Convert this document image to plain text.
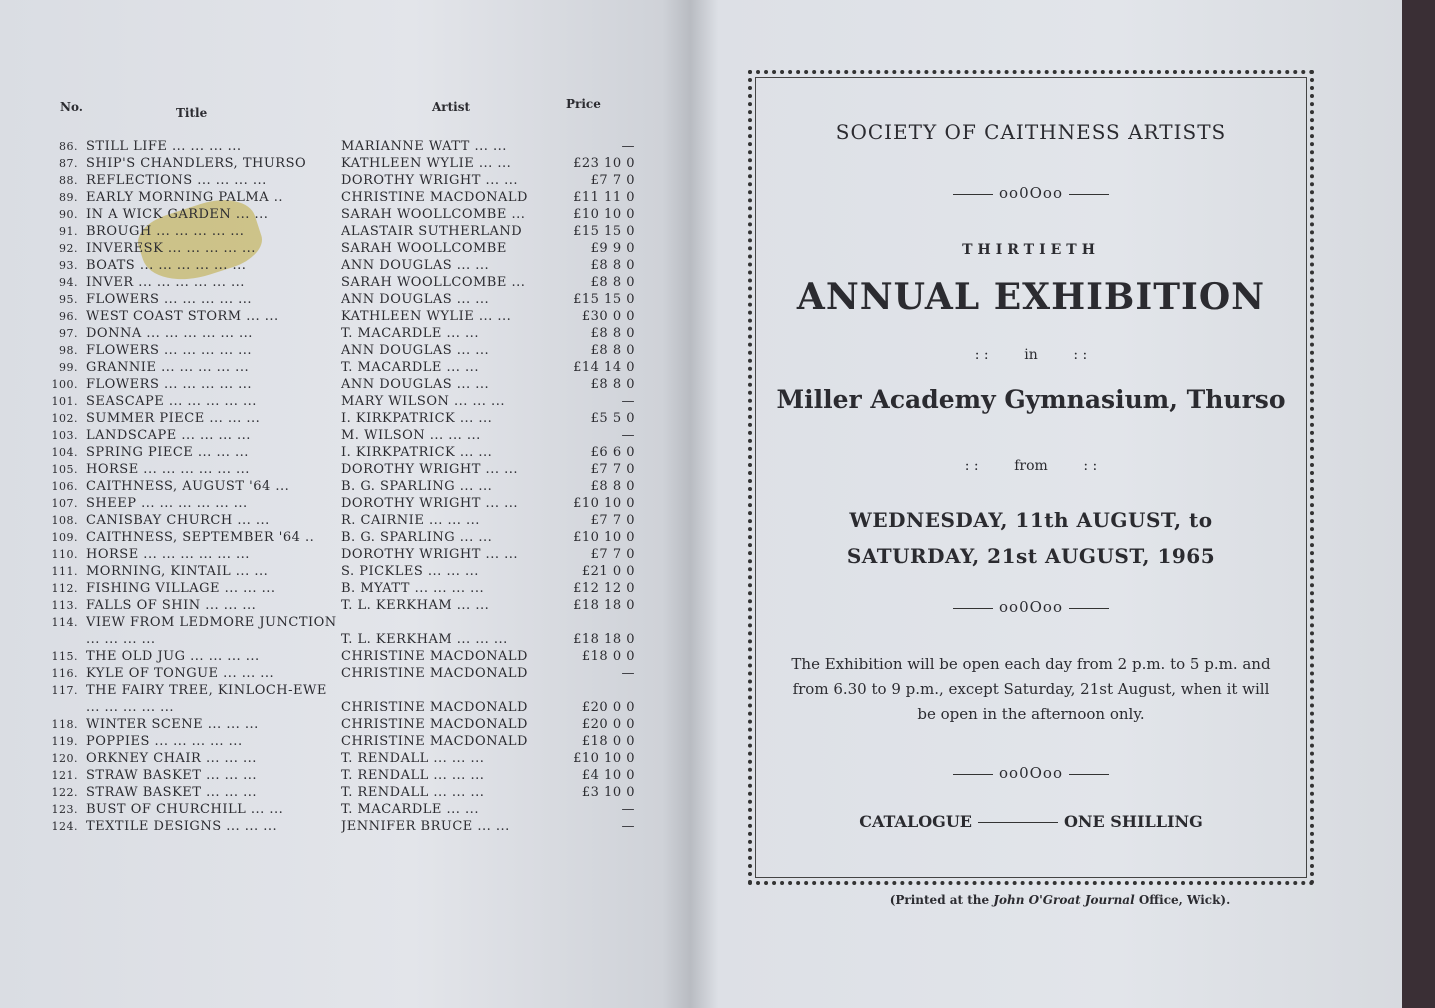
No.	Title	Artist	Price
86. STILL LIFE ... ... ... ...	MARIANNE WATT ... ...	—
87. SHIP'S CHANDLERS, THURSO	KATHLEEN WYLIE ... ...	£23 10 0
88. REFLECTIONS ... ... ... ...	DOROTHY WRIGHT ... ...	£7 7 0
89. EARLY MORNING PALMA ..	CHRISTINE MACDONALD	£11 11 0
90. IN A WICK GARDEN ... ...	SARAH WOOLLCOMBE ...	£10 10 0
91. BROUGH ... ... ... ... ...	ALASTAIR SUTHERLAND	£15 15 0
92. INVERESK ... ... ... ... ...	SARAH WOOLLCOMBE	£9 9 0
93. BOATS ... ... ... ... ... ...	ANN DOUGLAS ... ...	£8 8 0
94. INVER ... ... ... ... ... ...	SARAH WOOLLCOMBE ...	£8 8 0
95. FLOWERS ... ... ... ... ...	ANN DOUGLAS ... ...	£15 15 0
96. WEST COAST STORM ... ...	KATHLEEN WYLIE ... ...	£30 0 0
97. DONNA ... ... ... ... ... ...	T. MACARDLE ... ...	£8 8 0
98. FLOWERS ... ... ... ... ...	ANN DOUGLAS ... ...	£8 8 0
99. GRANNIE ... ... ... ... ...	T. MACARDLE ... ...	£14 14 0
100. FLOWERS ... ... ... ... ...	ANN DOUGLAS ... ...	£8 8 0
101. SEASCAPE ... ... ... ... ...	MARY WILSON ... ... ...	—
102. SUMMER PIECE ... ... ...	I. KIRKPATRICK ... ...	£5 5 0
103. LANDSCAPE ... ... ... ...	M. WILSON ... ... ...	—
104. SPRING PIECE ... ... ...	I. KIRKPATRICK ... ...	£6 6 0
105. HORSE ... ... ... ... ... ...	DOROTHY WRIGHT ... ...	£7 7 0
106. CAITHNESS, AUGUST '64 ...	B. G. SPARLING ... ...	£8 8 0
107. SHEEP ... ... ... ... ... ...	DOROTHY WRIGHT ... ...	£10 10 0
108. CANISBAY CHURCH ... ...	R. CAIRNIE ... ... ...	£7 7 0
109. CAITHNESS, SEPTEMBER '64 ..	B. G. SPARLING ... ...	£10 10 0
110. HORSE ... ... ... ... ... ...	DOROTHY WRIGHT ... ...	£7 7 0
111. MORNING, KINTAIL ... ...	S. PICKLES ... ... ...	£21 0 0
112. FISHING VILLAGE ... ... ...	B. MYATT ... ... ... ...	£12 12 0
113. FALLS OF SHIN ... ... ...	T. L. KERKHAM ... ...	£18 18 0
114. VIEW FROM LEDMORE JUNCTION ... ... ... ...	T. L. KERKHAM ... ... ...	£18 18 0
115. THE OLD JUG ... ... ... ...	CHRISTINE MACDONALD	£18 0 0
116. KYLE OF TONGUE ... ... ...	CHRISTINE MACDONALD	—
117. THE FAIRY TREE, KINLOCH-EWE ... ... ... ... ...	CHRISTINE MACDONALD	£20 0 0
118. WINTER SCENE ... ... ...	CHRISTINE MACDONALD	£20 0 0
119. POPPIES ... ... ... ... ...	CHRISTINE MACDONALD	£18 0 0
120. ORKNEY CHAIR ... ... ...	T. RENDALL ... ... ...	£10 10 0
121. STRAW BASKET ... ... ...	T. RENDALL ... ... ...	£4 10 0
122. STRAW BASKET ... ... ...	T. RENDALL ... ... ...	£3 10 0
123. BUST OF CHURCHILL ... ...	T. MACARDLE ... ...	—
124. TEXTILE DESIGNS ... ... ...	JENNIFER BRUCE ... ...	—
SOCIETY OF CAITHNESS ARTISTS
oo0Ooo
THIRTIETH
ANNUAL EXHIBITION
: :        in        : :
Miller Academy Gymnasium, Thurso
: :        from        : :
WEDNESDAY, 11th AUGUST, to
SATURDAY, 21st AUGUST, 1965
oo0Ooo
The Exhibition will be open each day from 2 p.m. to 5 p.m. and from 6.30 to 9 p.m., except Saturday, 21st August, when it will be open in the afternoon only.
oo0Ooo
CATALOGUE	ONE SHILLING
(Printed at the John O'Groat Journal Office, Wick).
